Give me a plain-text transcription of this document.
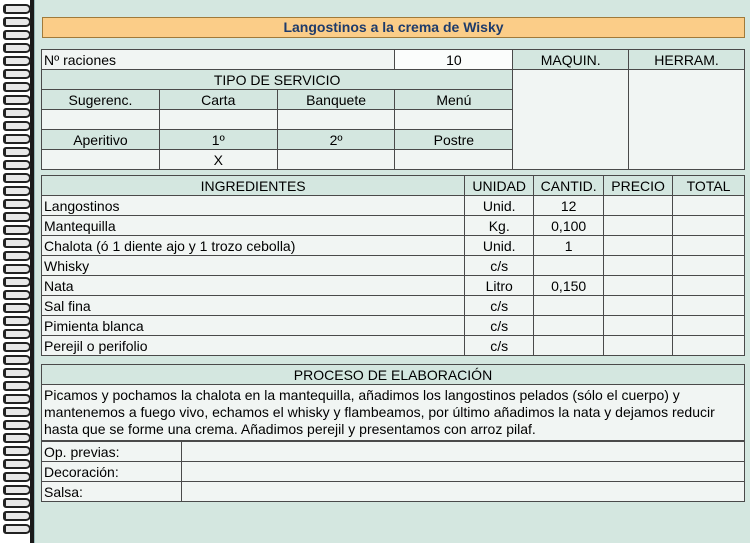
Langostinos a la crema de Wisky
Nº raciones			10	MAQUIN.	HERRAM.
TIPO DE SERVICIO					
Sugerenc.	Carta	Banquete	Menú		

Aperitivo	1º	2º	Postre		
	X				
INGREDIENTES	UNIDAD	CANTID.	PRECIO	TOTAL
Langostinos	Unid.	12		
Mantequilla	Kg.	0,100		
Chalota (ó 1 diente ajo y 1 trozo cebolla)	Unid.	1		
Whisky	c/s			
Nata	Litro	0,150		
Sal fina	c/s			
Pimienta blanca	c/s			
Perejil o perifolio	c/s			
PROCESO DE ELABORACIÓN
Picamos y pochamos la chalota en la mantequilla, añadimos los langostinos pelados (sólo el cuerpo) y mantenemos a fuego vivo, echamos el whisky y flambeamos, por último añadimos la nata y dejamos reducir hasta que se forme una crema. Añadimos perejil y presentamos con arroz pilaf.
Op. previas:	
Decoración:	
Salsa:	
